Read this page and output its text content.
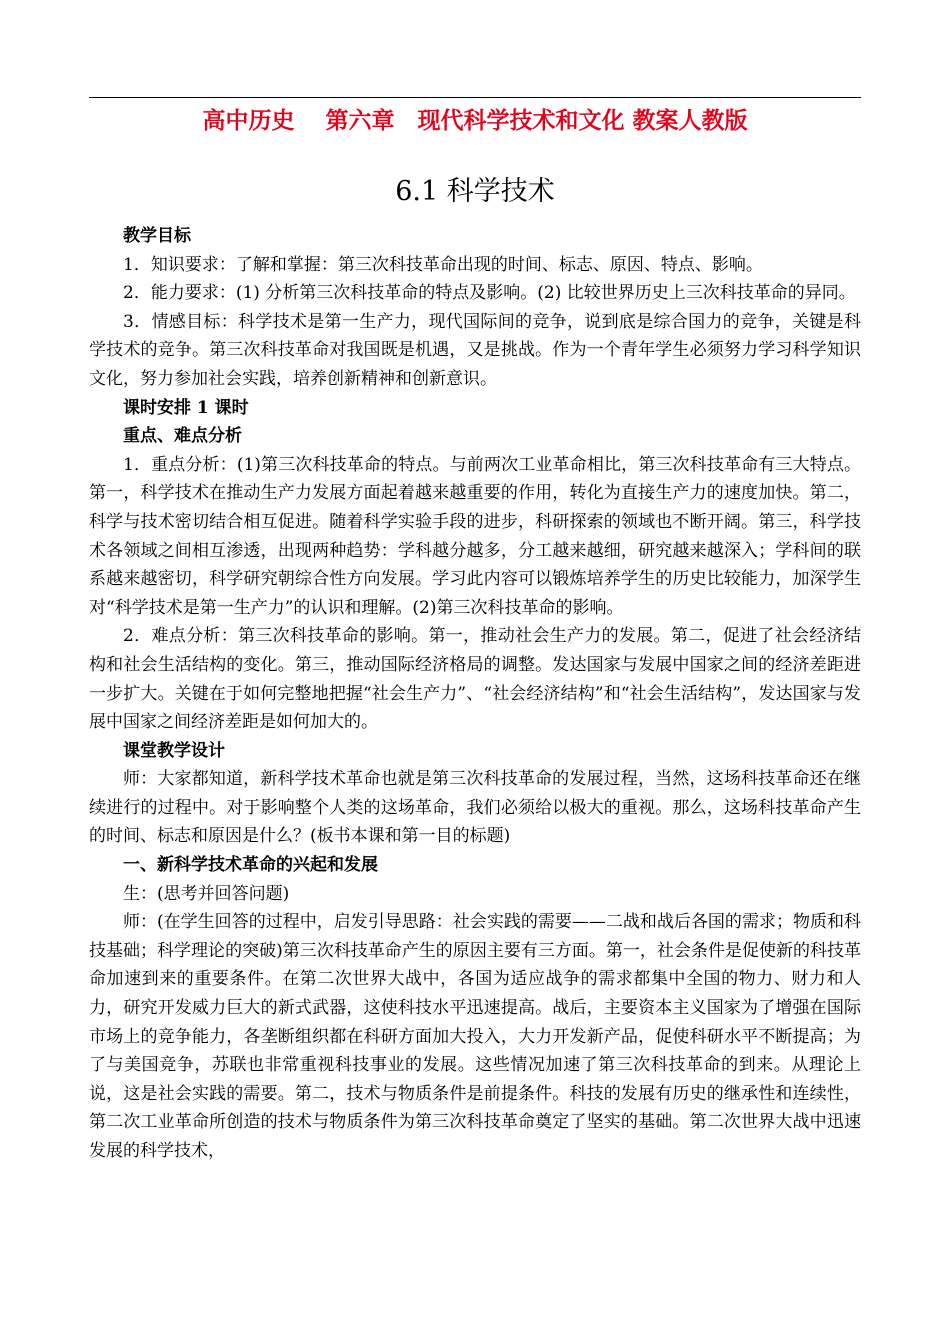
高中历史　 第六章　现代科学技术和文化 教案人教版
6.1 科学技术

教学目标

1．知识要求：了解和掌握：第三次科技革命出现的时间、标志、原因、特点、影响。

2．能力要求：(1) 分析第三次科技革命的特点及影响。(2) 比较世界历史上三次科技革命的异同。

3．情感目标：科学技术是第一生产力，现代国际间的竞争，说到底是综合国力的竞争，关键是科学技术的竞争。第三次科技革命对我国既是机遇，又是挑战。作为一个青年学生必须努力学习科学知识文化，努力参加社会实践，培养创新精神和创新意识。

课时安排 1 课时

重点、难点分析

1．重点分析：(1)第三次科技革命的特点。与前两次工业革命相比，第三次科技革命有三大特点。第一，科学技术在推动生产力发展方面起着越来越重要的作用，转化为直接生产力的速度加快。第二，科学与技术密切结合相互促进。随着科学实验手段的进步，科研探索的领域也不断开阔。第三，科学技术各领域之间相互渗透，出现两种趋势：学科越分越多，分工越来越细，研究越来越深入；学科间的联系越来越密切，科学研究朝综合性方向发展。学习此内容可以锻炼培养学生的历史比较能力，加深学生对“科学技术是第一生产力”的认识和理解。(2)第三次科技革命的影响。

2．难点分析：第三次科技革命的影响。第一，推动社会生产力的发展。第二，促进了社会经济结构和社会生活结构的变化。第三，推动国际经济格局的调整。发达国家与发展中国家之间的经济差距进一步扩大。关键在于如何完整地把握“社会生产力”、“社会经济结构”和“社会生活结构”，发达国家与发展中国家之间经济差距是如何加大的。

课堂教学设计

师：大家都知道，新科学技术革命也就是第三次科技革命的发展过程，当然，这场科技革命还在继续进行的过程中。对于影响整个人类的这场革命，我们必须给以极大的重视。那么，这场科技革命产生的时间、标志和原因是什么？(板书本课和第一目的标题)

一、新科学技术革命的兴起和发展

生：(思考并回答问题)

师：(在学生回答的过程中，启发引导思路：社会实践的需要——二战和战后各国的需求；物质和科技基础；科学理论的突破)第三次科技革命产生的原因主要有三方面。第一，社会条件是促使新的科技革命加速到来的重要条件。在第二次世界大战中，各国为适应战争的需求都集中全国的物力、财力和人力，研究开发威力巨大的新式武器，这使科技水平迅速提高。战后，主要资本主义国家为了增强在国际市场上的竞争能力，各垄断组织都在科研方面加大投入，大力开发新产品，促使科研水平不断提高；为了与美国竞争，苏联也非常重视科技事业的发展。这些情况加速了第三次科技革命的到来。从理论上说，这是社会实践的需要。第二，技术与物质条件是前提条件。科技的发展有历史的继承性和连续性，第二次工业革命所创造的技术与物质条件为第三次科技革命奠定了坚实的基础。第二次世界大战中迅速发展的科学技术，
